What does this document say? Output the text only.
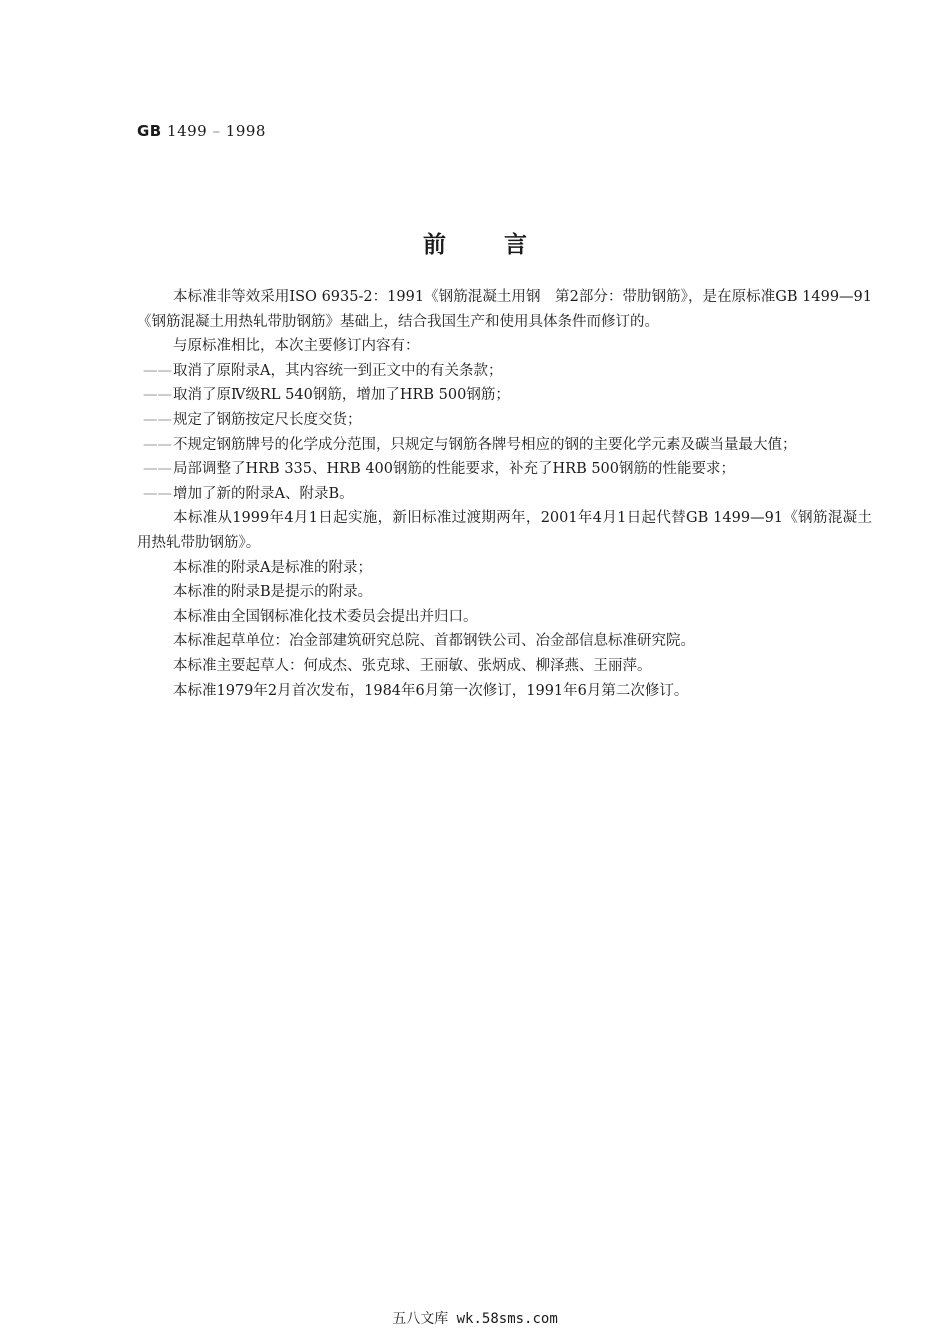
GB 1499 – 1998
前言

本标准非等效采用ISO 6935-2：1991《钢筋混凝土用钢　第2部分：带肋钢筋》，是在原标准GB 1499—91《钢筋混凝土用热轧带肋钢筋》基础上，结合我国生产和使用具体条件而修订的。

与原标准相比，本次主要修订内容有：

——取消了原附录A，其内容统一到正文中的有关条款；

——取消了原Ⅳ级RL 540钢筋，增加了HRB 500钢筋；

——规定了钢筋按定尺长度交货；

——不规定钢筋牌号的化学成分范围，只规定与钢筋各牌号相应的钢的主要化学元素及碳当量最大值；

——局部调整了HRB 335、HRB 400钢筋的性能要求，补充了HRB 500钢筋的性能要求；

——增加了新的附录A、附录B。

本标准从1999年4月1日起实施，新旧标准过渡期两年，2001年4月1日起代替GB 1499—91《钢筋混凝土用热轧带肋钢筋》。

本标准的附录A是标准的附录；

本标准的附录B是提示的附录。

本标准由全国钢标准化技术委员会提出并归口。

本标准起草单位：冶金部建筑研究总院、首都钢铁公司、冶金部信息标准研究院。

本标准主要起草人：何成杰、张克球、王丽敏、张炳成、柳泽燕、王丽萍。

本标准1979年2月首次发布，1984年6月第一次修订，1991年6月第二次修订。

五八文库 wk.58sms.com
